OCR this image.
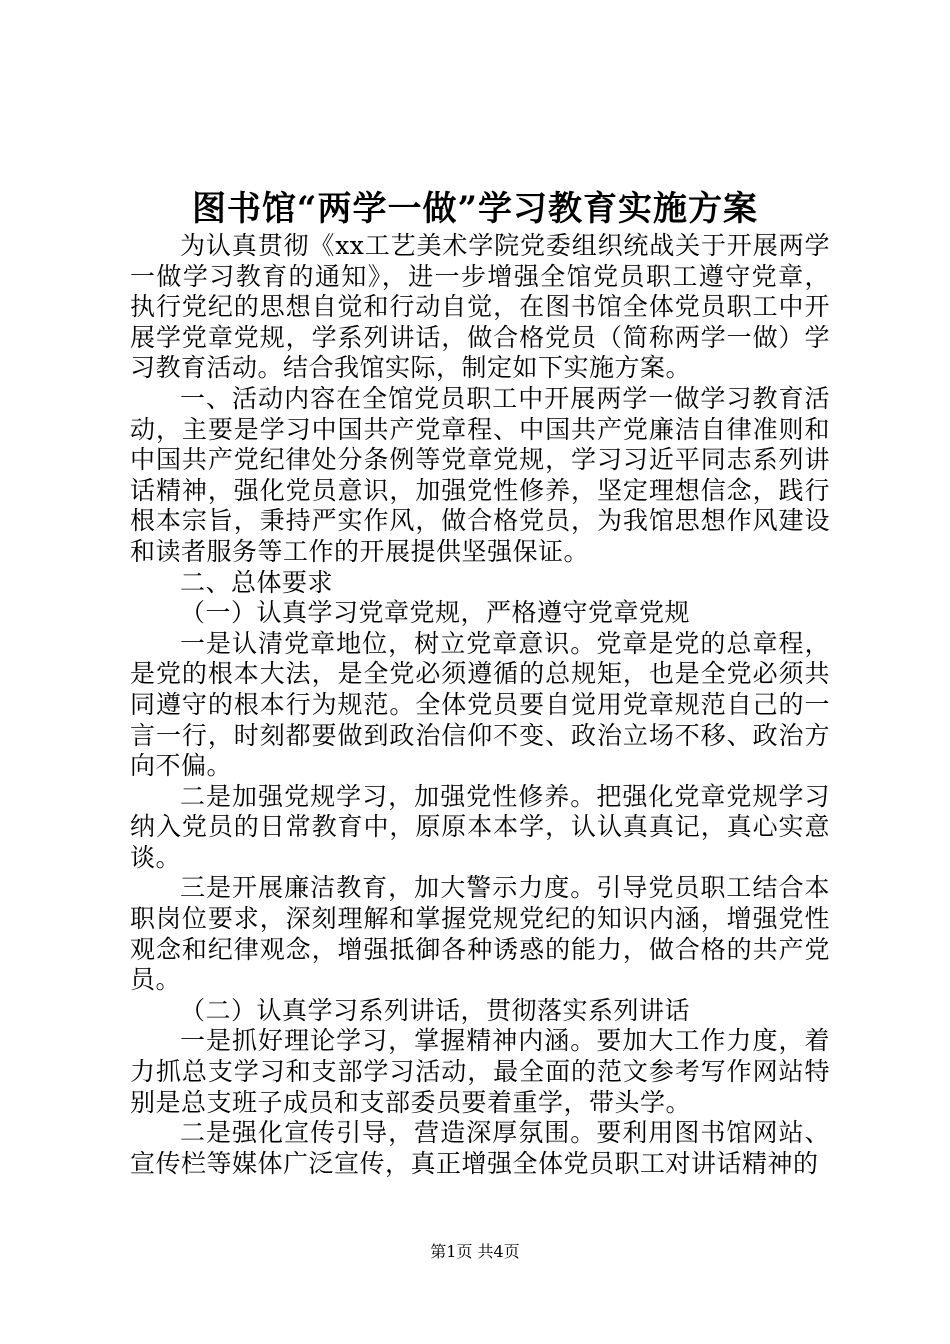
图书馆“两学一做”学习教育实施方案

为认真贯彻《xx工艺美术学院党委组织统战关于开展两学一做学习教育的通知》，进一步增强全馆党员职工遵守党章，执行党纪的思想自觉和行动自觉，在图书馆全体党员职工中开展学党章党规，学系列讲话，做合格党员（简称两学一做）学习教育活动。结合我馆实际，制定如下实施方案。

一、活动内容在全馆党员职工中开展两学一做学习教育活动，主要是学习中国共产党章程、中国共产党廉洁自律准则和中国共产党纪律处分条例等党章党规，学习习近平同志系列讲话精神，强化党员意识，加强党性修养，坚定理想信念，践行根本宗旨，秉持严实作风，做合格党员，为我馆思想作风建设和读者服务等工作的开展提供坚强保证。

二、总体要求

（一）认真学习党章党规，严格遵守党章党规

一是认清党章地位，树立党章意识。党章是党的总章程，是党的根本大法，是全党必须遵循的总规矩，也是全党必须共同遵守的根本行为规范。全体党员要自觉用党章规范自己的一言一行，时刻都要做到政治信仰不变、政治立场不移、政治方向不偏。

二是加强党规学习，加强党性修养。把强化党章党规学习纳入党员的日常教育中，原原本本学，认认真真记，真心实意谈。

三是开展廉洁教育，加大警示力度。引导党员职工结合本职岗位要求，深刻理解和掌握党规党纪的知识内涵，增强党性观念和纪律观念，增强抵御各种诱惑的能力，做合格的共产党员。

（二）认真学习系列讲话，贯彻落实系列讲话

一是抓好理论学习，掌握精神内涵。要加大工作力度，着力抓总支学习和支部学习活动，最全面的范文参考写作网站特别是总支班子成员和支部委员要着重学，带头学。

二是强化宣传引导，营造深厚氛围。要利用图书馆网站、宣传栏等媒体广泛宣传，真正增强全体党员职工对讲话精神的

第1页 共4页
